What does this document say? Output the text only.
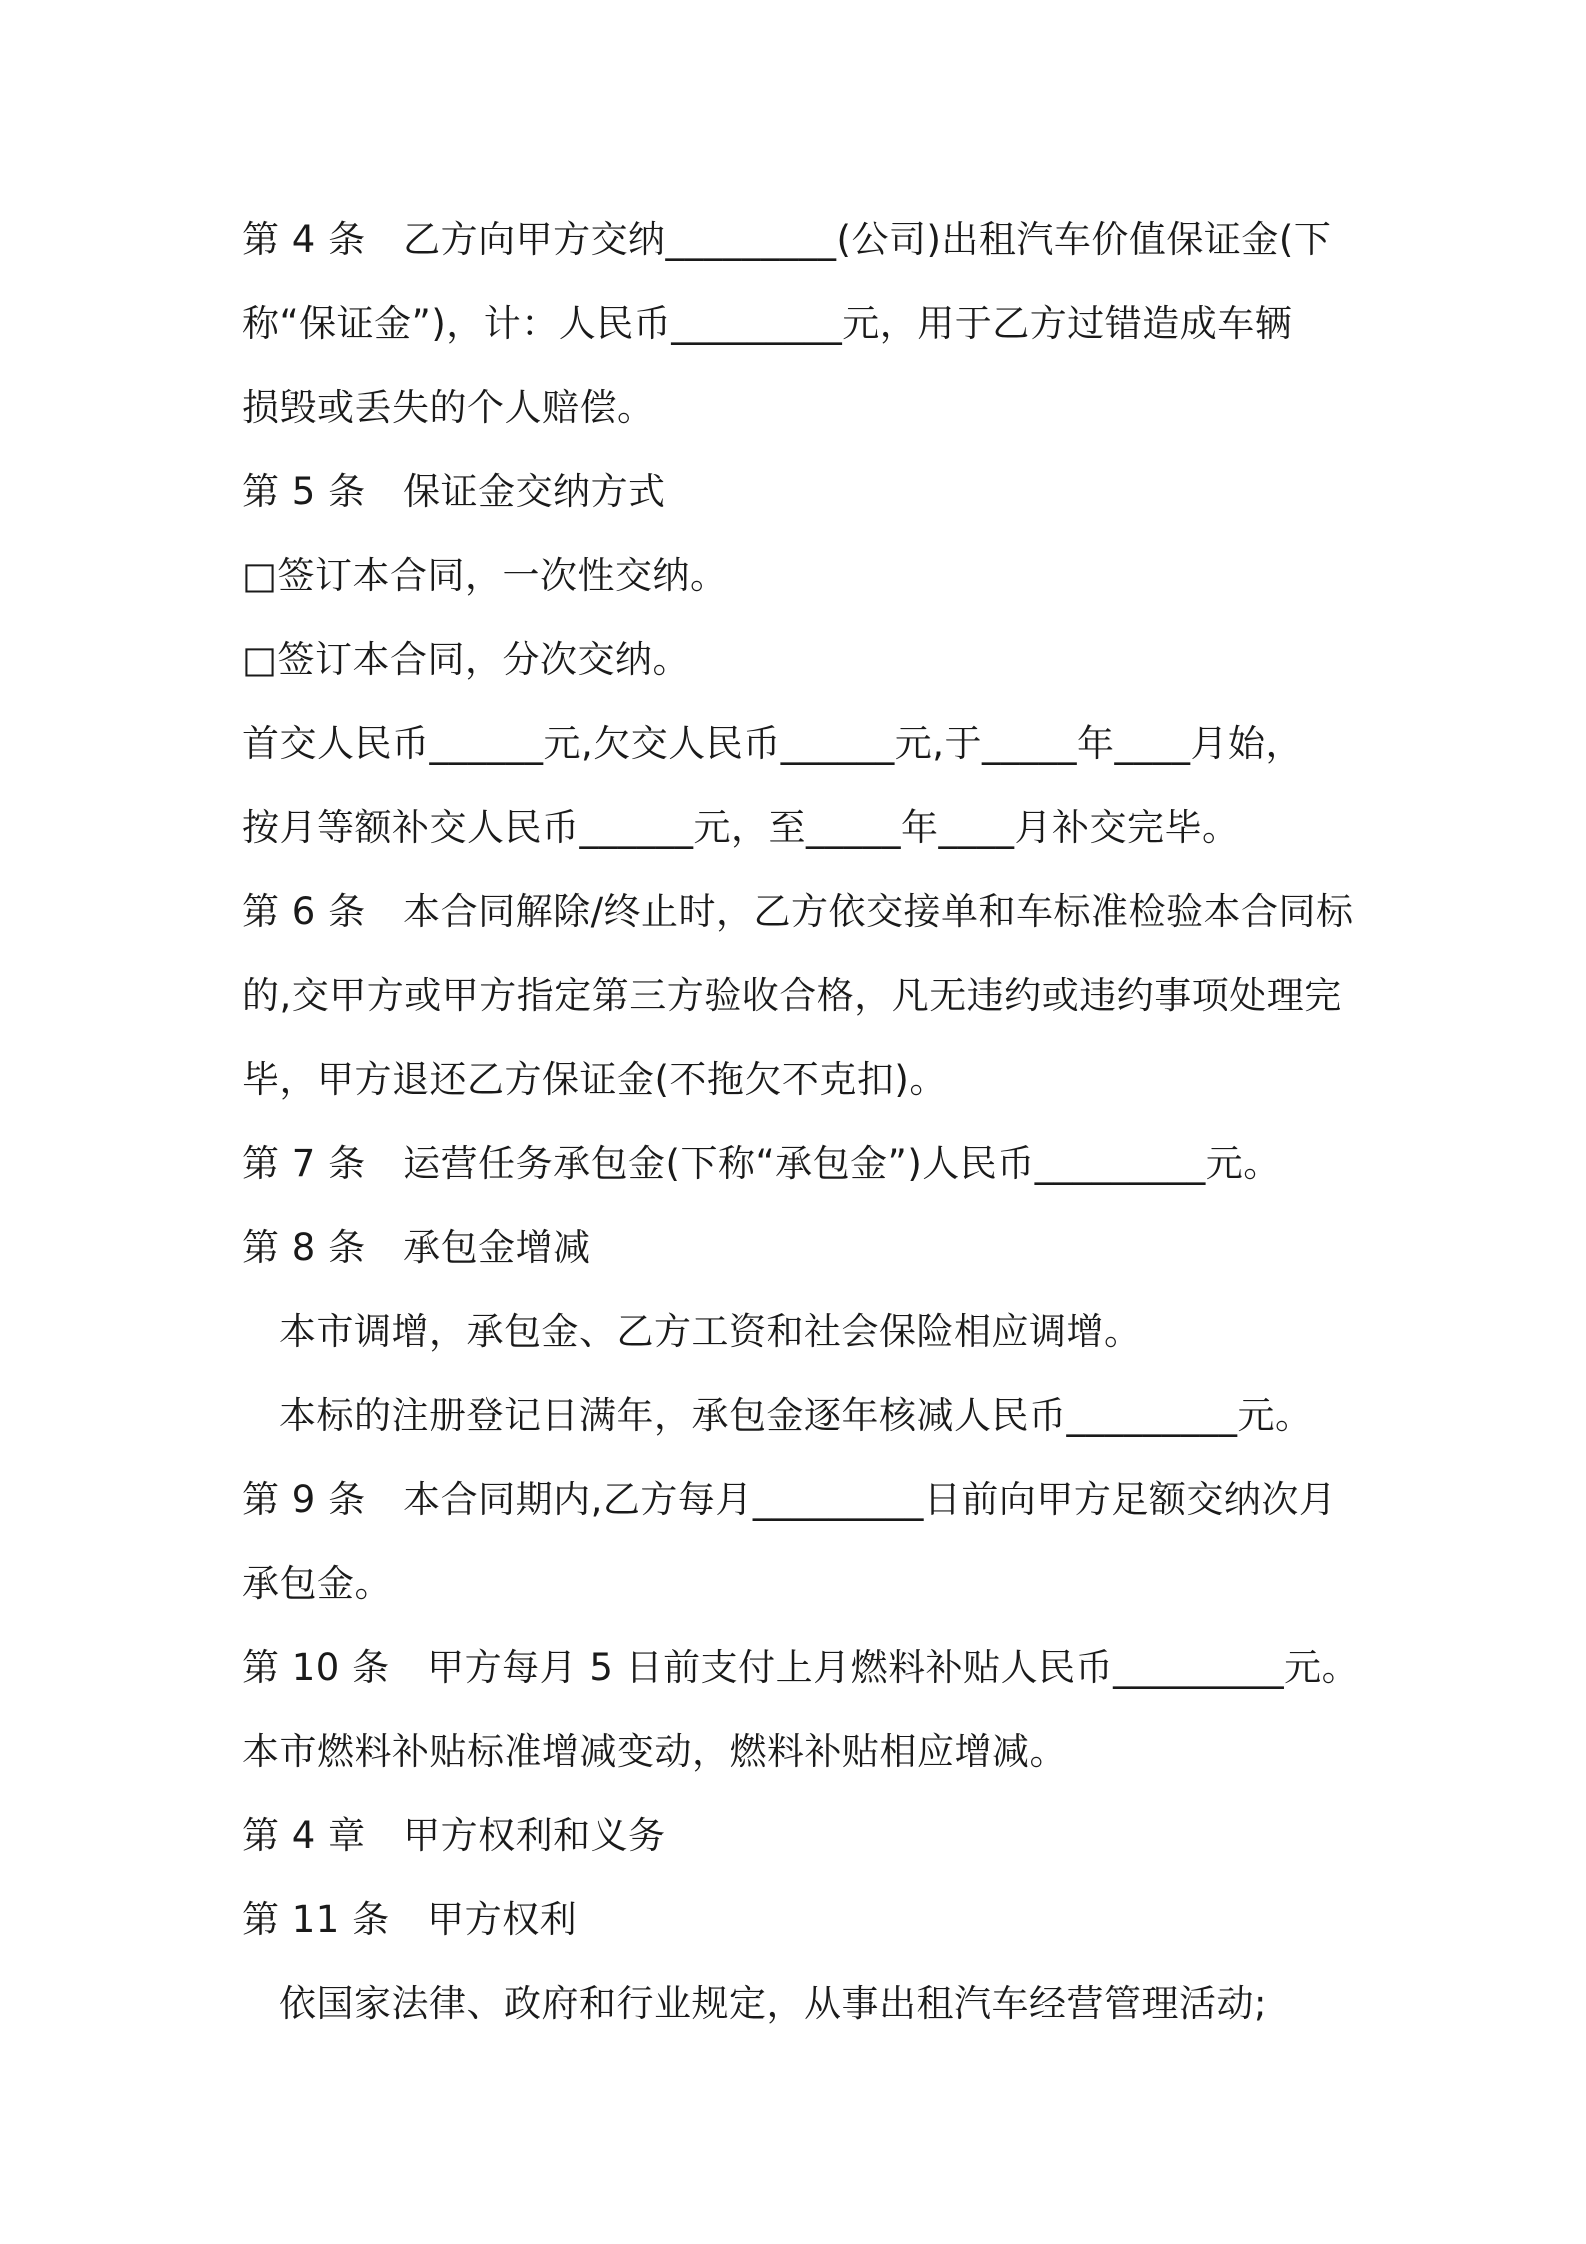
第 4 条　乙方向甲方交纳_________(公司)出租汽车价值保证金(下
称“保证金”)，计：人民币_________元，用于乙方过错造成车辆
损毁或丢失的个人赔偿。
第 5 条　保证金交纳方式
□签订本合同，一次性交纳。
□签订本合同，分次交纳。
首交人民币______元,欠交人民币______元,于_____年____月始，
按月等额补交人民币______元，至_____年____月补交完毕。
第 6 条　本合同解除/终止时，乙方依交接单和车标准检验本合同标
的,交甲方或甲方指定第三方验收合格，凡无违约或违约事项处理完
毕，甲方退还乙方保证金(不拖欠不克扣)。
第 7 条　运营任务承包金(下称“承包金”)人民币_________元。
第 8 条　承包金增减
本市调增，承包金、乙方工资和社会保险相应调增。
本标的注册登记日满年，承包金逐年核减人民币_________元。
第 9 条　本合同期内,乙方每月_________日前向甲方足额交纳次月
承包金。
第 10 条　甲方每月 5 日前支付上月燃料补贴人民币_________元。
本市燃料补贴标准增减变动，燃料补贴相应增减。
第 4 章　甲方权利和义务
第 11 条　甲方权利
依国家法律、政府和行业规定，从事出租汽车经营管理活动;
